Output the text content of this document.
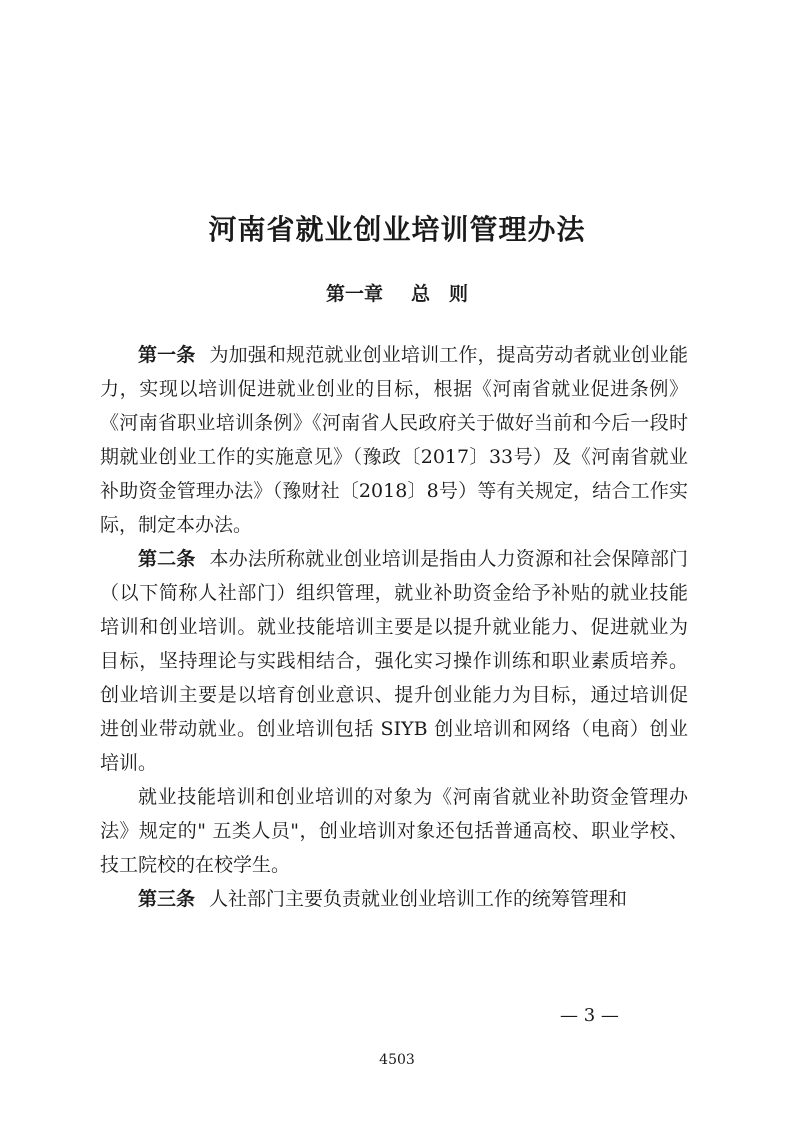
河南省就业创业培训管理办法
第一章 总　则

第一条 为加强和规范就业创业培训工作，提高劳动者就业创业能力，实现以培训促进就业创业的目标，根据《河南省就业促进条例》《河南省职业培训条例》《河南省人民政府关于做好当前和今后一段时期就业创业工作的实施意见》（豫政〔2017〕33号）及《河南省就业补助资金管理办法》（豫财社〔2018〕8号）等有关规定，结合工作实际，制定本办法。

第二条 本办法所称就业创业培训是指由人力资源和社会保障部门（以下简称人社部门）组织管理，就业补助资金给予补贴的就业技能培训和创业培训。就业技能培训主要是以提升就业能力、促进就业为目标，坚持理论与实践相结合，强化实习操作训练和职业素质培养。创业培训主要是以培育创业意识、提升创业能力为目标，通过培训促进创业带动就业。创业培训包括 SIYB 创业培训和网络（电商）创业培训。

就业技能培训和创业培训的对象为《河南省就业补助资金管理办法》规定的" 五类人员"，创业培训对象还包括普通高校、职业学校、技工院校的在校学生。

第三条 人社部门主要负责就业创业培训工作的统筹管理和

— 3 —
4503
